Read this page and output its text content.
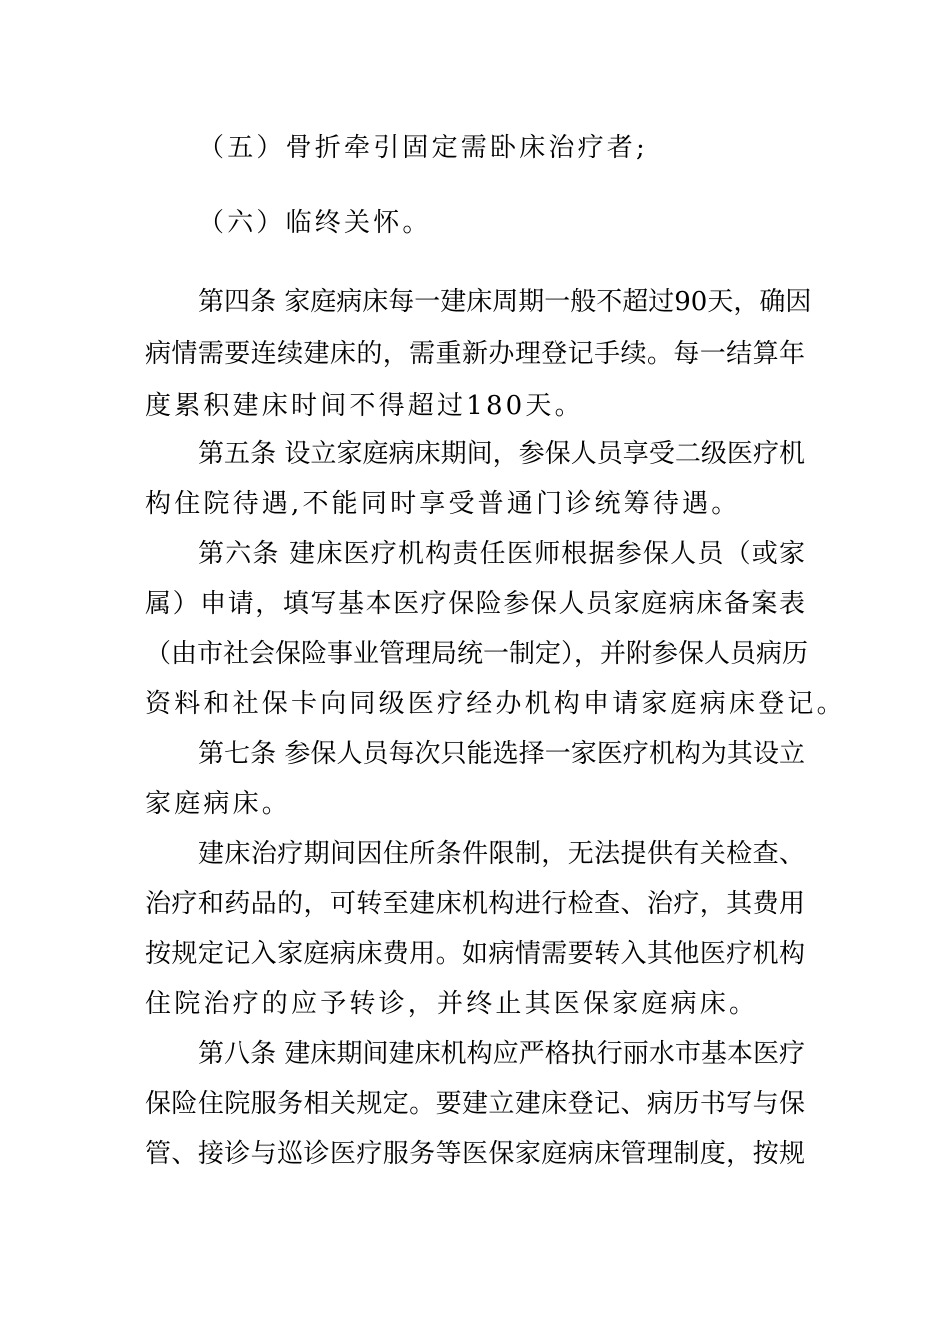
（五）骨折牵引固定需卧床治疗者;
（六）临终关怀。
第四条 家庭病床每一建床周期一般不超过90天，确因
病情需要连续建床的，需重新办理登记手续。每一结算年
度累积建床时间不得超过180天。
第五条 设立家庭病床期间，参保人员享受二级医疗机
构住院待遇,不能同时享受普通门诊统筹待遇。
第六条 建床医疗机构责任医师根据参保人员（或家
属）申请，填写基本医疗保险参保人员家庭病床备案表
（由市社会保险事业管理局统一制定），并附参保人员病历
资料和社保卡向同级医疗经办机构申请家庭病床登记。
第七条 参保人员每次只能选择一家医疗机构为其设立
家庭病床。
建床治疗期间因住所条件限制，无法提供有关检查、
治疗和药品的，可转至建床机构进行检查、治疗，其费用
按规定记入家庭病床费用。如病情需要转入其他医疗机构
住院治疗的应予转诊，并终止其医保家庭病床。
第八条 建床期间建床机构应严格执行丽水市基本医疗
保险住院服务相关规定。要建立建床登记、病历书写与保
管、接诊与巡诊医疗服务等医保家庭病床管理制度，按规
